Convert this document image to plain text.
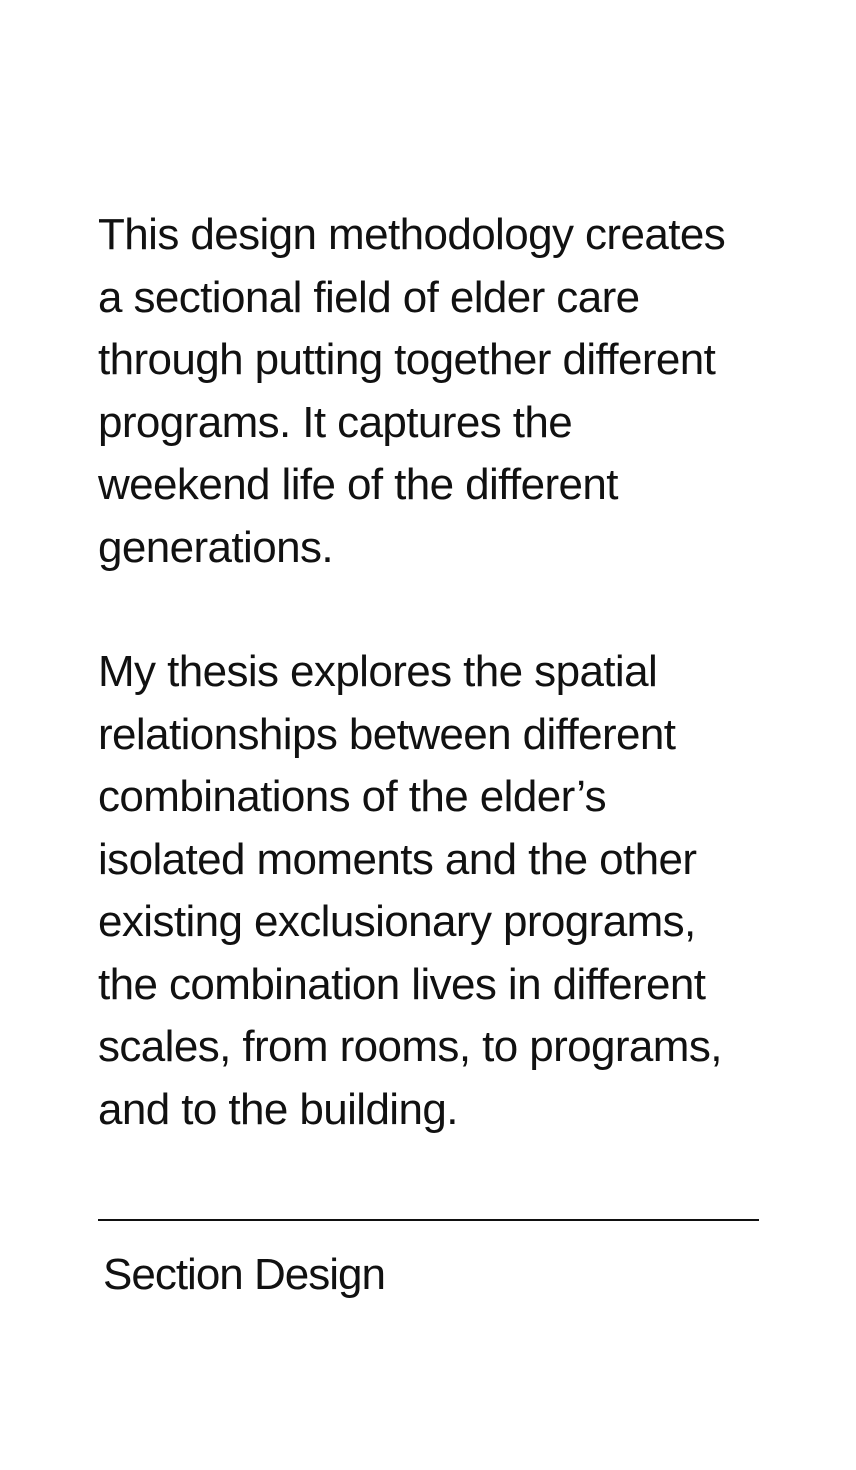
This design methodology creates
a sectional field of elder care
through putting together different
programs. It captures the
weekend life of the different
generations.

My thesis explores the spatial
relationships between different
combinations of the elder’s
isolated moments and the other
existing exclusionary programs,
the combination lives in different
scales, from rooms, to programs,
and to the building.

Section Design
